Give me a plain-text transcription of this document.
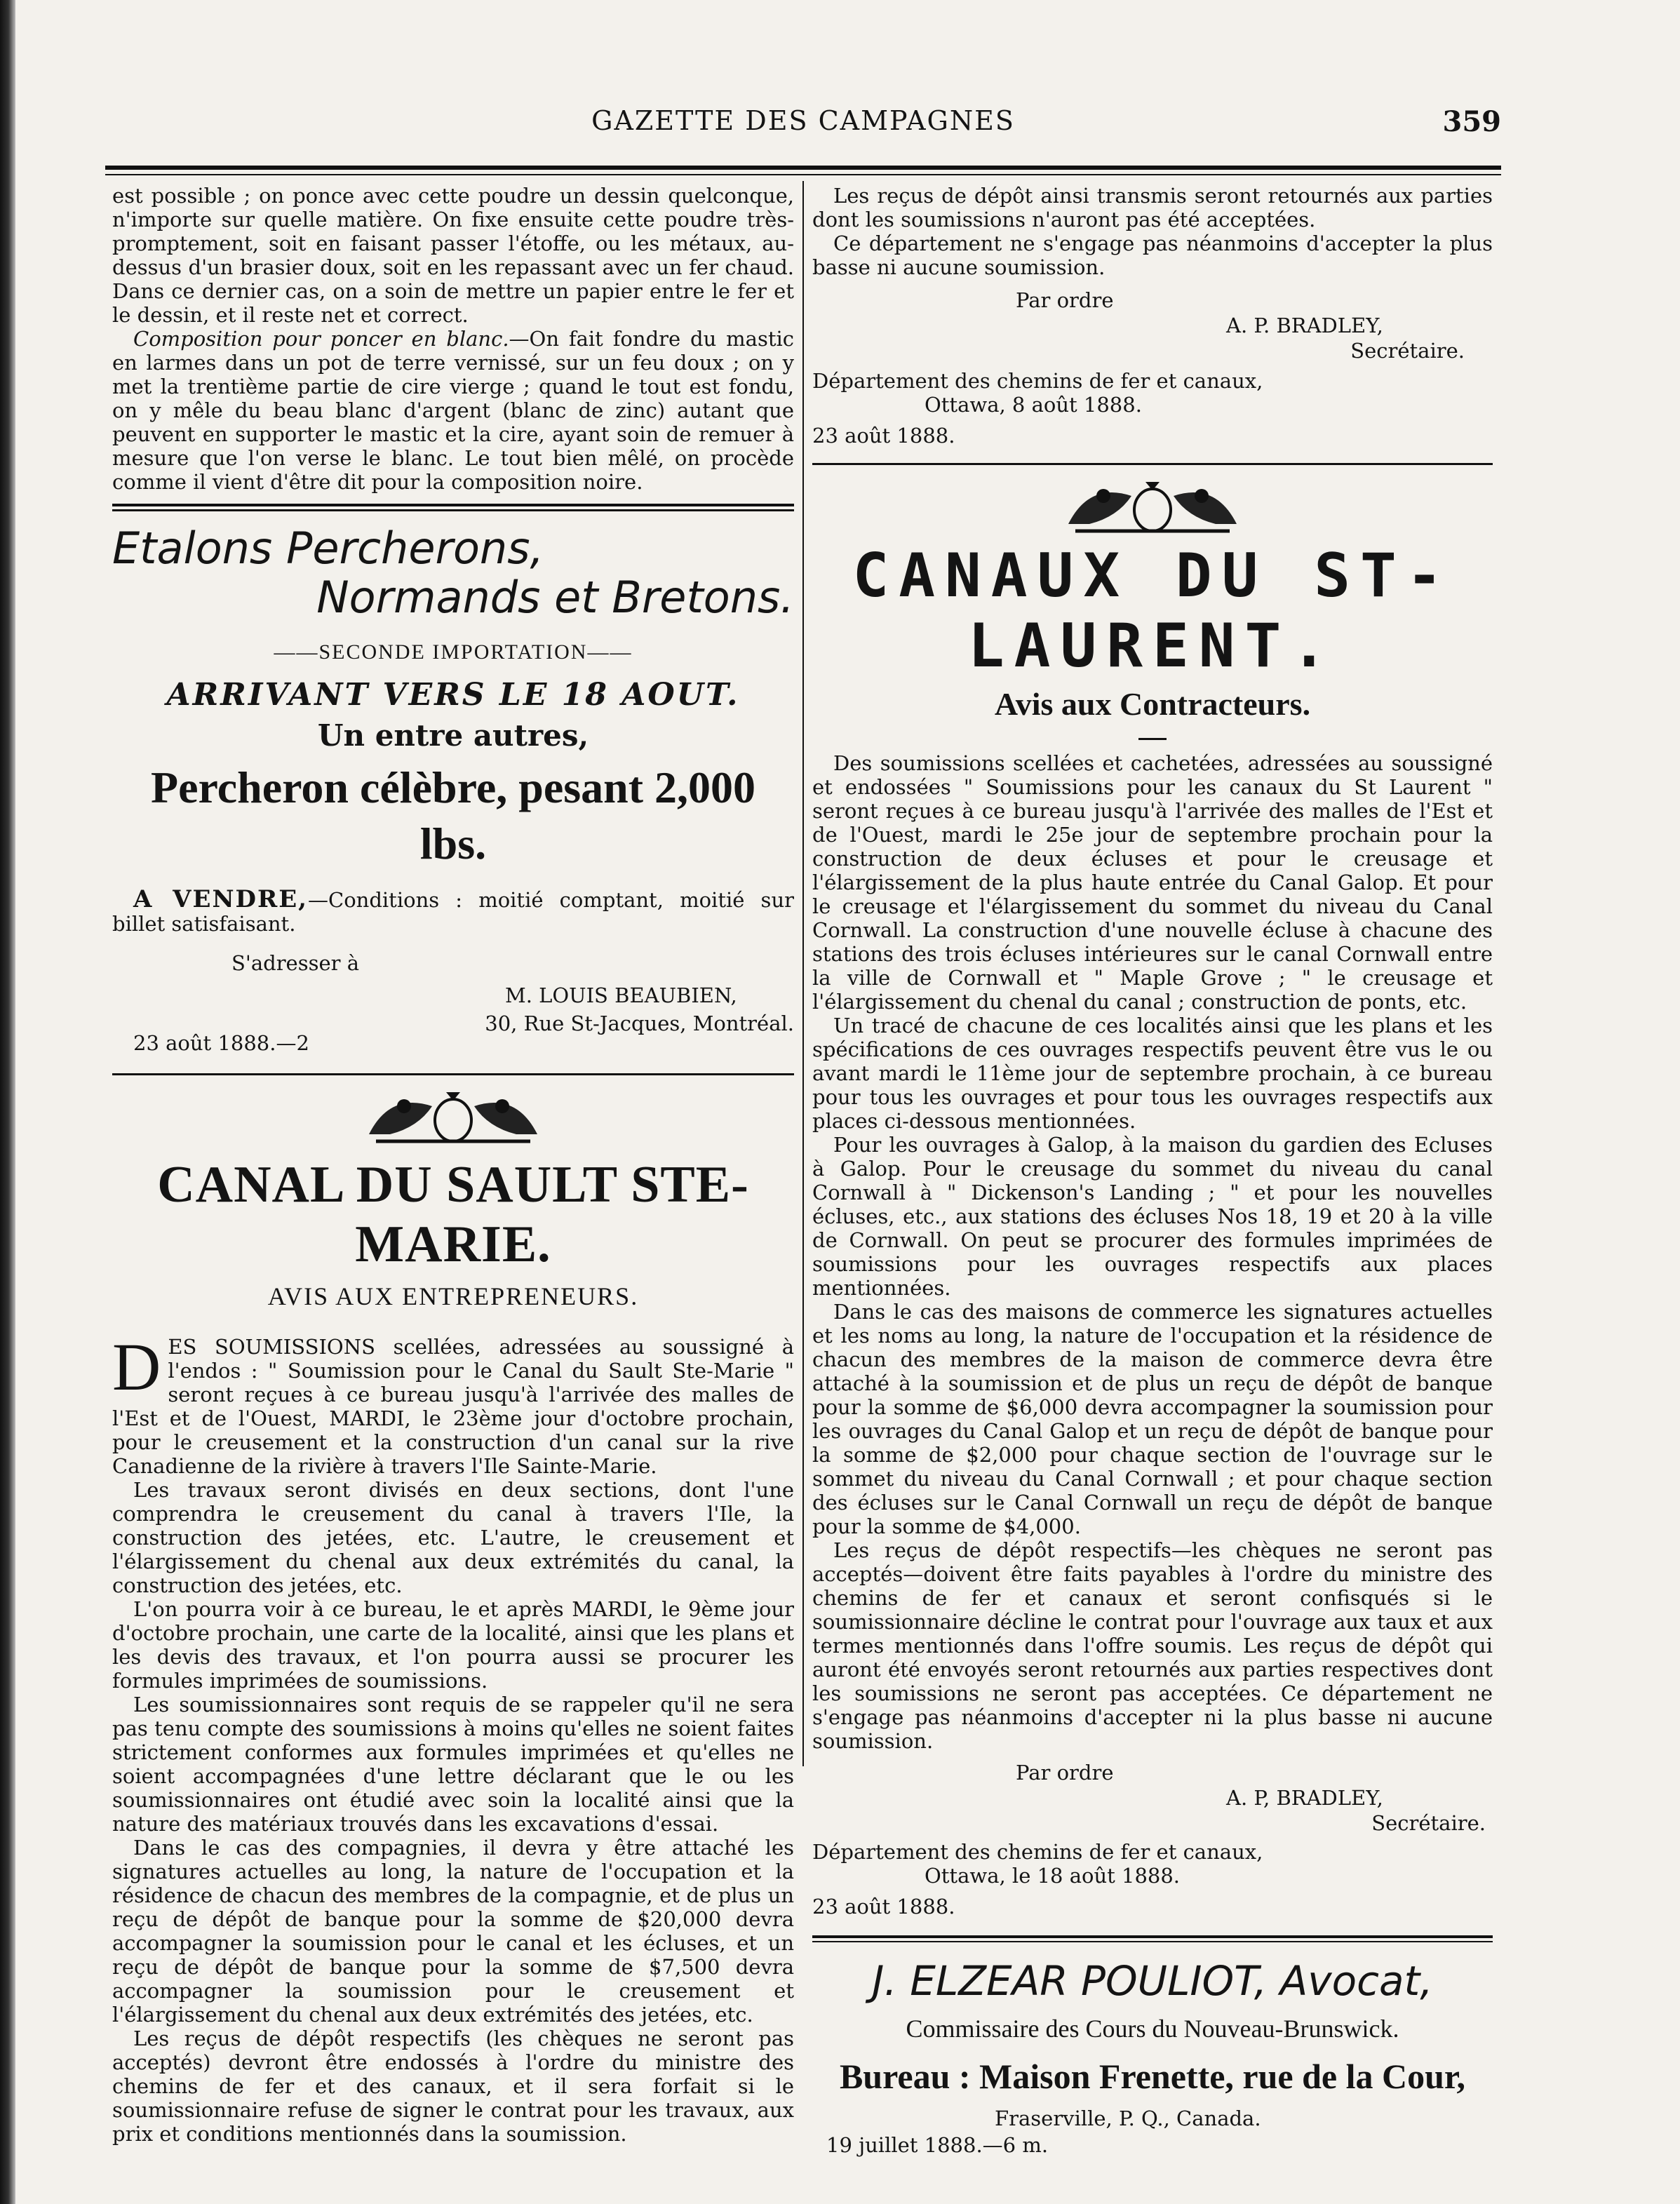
GAZETTE DES CAMPAGNES	359

est possible ; on ponce avec cette poudre un dessin quelconque, n'importe sur quelle matière. On fixe ensuite cette poudre très-promptement, soit en faisant passer l'étoffe, ou les métaux, au-dessus d'un brasier doux, soit en les repassant avec un fer chaud. Dans ce dernier cas, on a soin de mettre un papier entre le fer et le dessin, et il reste net et correct.

Composition pour poncer en blanc.—On fait fondre du mastic en larmes dans un pot de terre vernissé, sur un feu doux ; on y met la trentième partie de cire vierge ; quand le tout est fondu, on y mêle du beau blanc d'argent (blanc de zinc) autant que peuvent en supporter le mastic et la cire, ayant soin de remuer à mesure que l'on verse le blanc. Le tout bien mêlé, on procède comme il vient d'être dit pour la composition noire.

Etalons Percherons,
Normands et Bretons.
——SECONDE IMPORTATION——
ARRIVANT VERS LE 18 AOUT.
Un entre autres,
Percheron célèbre, pesant 2,000 lbs.
A VENDRE,—Conditions : moitié comptant, moitié sur billet satisfaisant.
S'adresser à
M. LOUIS BEAUBIEN,
30, Rue St-Jacques, Montréal.
23 août 1888.—2
CANAL DU SAULT STE-MARIE.
AVIS AUX ENTREPRENEURS.

DES SOUMISSIONS scellées, adressées au soussigné à l'endos : " Soumission pour le Canal du Sault Ste-Marie " seront reçues à ce bureau jusqu'à l'arrivée des malles de l'Est et de l'Ouest, MARDI, le 23ème jour d'octobre prochain, pour le creusement et la construction d'un canal sur la rive Canadienne de la rivière à travers l'Ile Sainte-Marie.

Les travaux seront divisés en deux sections, dont l'une comprendra le creusement du canal à travers l'Ile, la construction des jetées, etc. L'autre, le creusement et l'élargissement du chenal aux deux extrémités du canal, la construction des jetées, etc.

L'on pourra voir à ce bureau, le et après MARDI, le 9ème jour d'octobre prochain, une carte de la localité, ainsi que les plans et les devis des travaux, et l'on pourra aussi se procurer les formules imprimées de soumissions.

Les soumissionnaires sont requis de se rappeler qu'il ne sera pas tenu compte des soumissions à moins qu'elles ne soient faites strictement conformes aux formules imprimées et qu'elles ne soient accompagnées d'une lettre déclarant que le ou les soumissionnaires ont étudié avec soin la localité ainsi que la nature des matériaux trouvés dans les excavations d'essai.

Dans le cas des compagnies, il devra y être attaché les signatures actuelles au long, la nature de l'occupation et la résidence de chacun des membres de la compagnie, et de plus un reçu de dépôt de banque pour la somme de $20,000 devra accompagner la soumission pour le canal et les écluses, et un reçu de dépôt de banque pour la somme de $7,500 devra accompagner la soumission pour le creusement et l'élargissement du chenal aux deux extrémités des jetées, etc.

Les reçus de dépôt respectifs (les chèques ne seront pas acceptés) devront être endossés à l'ordre du ministre des chemins de fer et des canaux, et il sera forfait si le soumissionnaire refuse de signer le contrat pour les travaux, aux prix et conditions mentionnés dans la soumission.

Les reçus de dépôt ainsi transmis seront retournés aux parties dont les soumissions n'auront pas été acceptées.

Ce département ne s'engage pas néanmoins d'accepter la plus basse ni aucune soumission.

Par ordre
A. P. BRADLEY,
Secrétaire.
Département des chemins de fer et canaux,
Ottawa, 8 août 1888.
23 août 1888.
CANAUX DU ST-LAURENT.
Avis aux Contracteurs.

Des soumissions scellées et cachetées, adressées au soussigné et endossées " Soumissions pour les canaux du St Laurent " seront reçues à ce bureau jusqu'à l'arrivée des malles de l'Est et de l'Ouest, mardi le 25e jour de septembre prochain pour la construction de deux écluses et pour le creusage et l'élargissement de la plus haute entrée du Canal Galop. Et pour le creusage et l'élargissement du sommet du niveau du Canal Cornwall. La construction d'une nouvelle écluse à chacune des stations des trois écluses intérieures sur le canal Cornwall entre la ville de Cornwall et " Maple Grove ; " le creusage et l'élargissement du chenal du canal ; construction de ponts, etc.

Un tracé de chacune de ces localités ainsi que les plans et les spécifications de ces ouvrages respectifs peuvent être vus le ou avant mardi le 11ème jour de septembre prochain, à ce bureau pour tous les ouvrages et pour tous les ouvrages respectifs aux places ci-dessous mentionnées.

Pour les ouvrages à Galop, à la maison du gardien des Ecluses à Galop. Pour le creusage du sommet du niveau du canal Cornwall à " Dickenson's Landing ; " et pour les nouvelles écluses, etc., aux stations des écluses Nos 18, 19 et 20 à la ville de Cornwall. On peut se procurer des formules imprimées de soumissions pour les ouvrages respectifs aux places mentionnées.

Dans le cas des maisons de commerce les signatures actuelles et les noms au long, la nature de l'occupation et la résidence de chacun des membres de la maison de commerce devra être attaché à la soumission et de plus un reçu de dépôt de banque pour la somme de $6,000 devra accompagner la soumission pour les ouvrages du Canal Galop et un reçu de dépôt de banque pour la somme de $2,000 pour chaque section de l'ouvrage sur le sommet du niveau du Canal Cornwall ; et pour chaque section des écluses sur le Canal Cornwall un reçu de dépôt de banque pour la somme de $4,000.

Les reçus de dépôt respectifs—les chèques ne seront pas acceptés—doivent être faits payables à l'ordre du ministre des chemins de fer et canaux et seront confisqués si le soumissionnaire décline le contrat pour l'ouvrage aux taux et aux termes mentionnés dans l'offre soumis. Les reçus de dépôt qui auront été envoyés seront retournés aux parties respectives dont les soumissions ne seront pas acceptées. Ce département ne s'engage pas néanmoins d'accepter ni la plus basse ni aucune soumission.

Par ordre
A. P, BRADLEY,
Secrétaire.
Département des chemins de fer et canaux,
Ottawa, le 18 août 1888.
23 août 1888.
J. ELZEAR POULIOT, Avocat,
Commissaire des Cours du Nouveau-Brunswick.
Bureau : Maison Frenette, rue de la Cour,
Fraserville, P. Q., Canada.
19 juillet 1888.—6 m.
